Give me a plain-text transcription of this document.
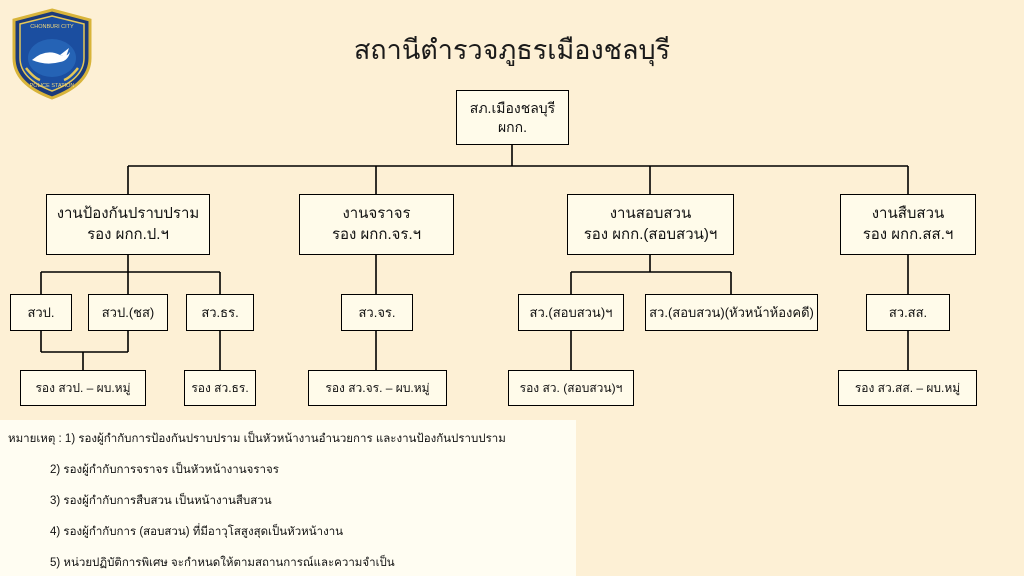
CHONBURI CITY
POLICE STATION
สถานีตำรวจภูธรเมืองชลบุรี
สภ.เมืองชลบุรี
ผกก.
งานป้องกันปราบปราม
รอง ผกก.ป.ฯ
สวป.	สวป.(ชส)	สว.ธร.
รอง สวป. – ผบ.หมู่	รอง สว.ธร.
งานจราจร
รอง ผกก.จร.ฯ
สว.จร.
รอง สว.จร. – ผบ.หมู่
งานสอบสวน
รอง ผกก.(สอบสวน)ฯ
สว.(สอบสวน)ฯ	สว.(สอบสวน)(หัวหน้าห้องคดี)
รอง สว. (สอบสวน)ฯ
งานสืบสวน
รอง ผกก.สส.ฯ
สว.สส.
รอง สว.สส. – ผบ.หมู่
หมายเหตุ : 1) รองผู้กำกับการป้องกันปราบปราม เป็นหัวหน้างานอำนวยการ และงานป้องกันปราบปราม
2) รองผู้กำกับการจราจร เป็นหัวหน้างานจราจร
3) รองผู้กำกับการสืบสวน เป็นหน้างานสืบสวน
4) รองผู้กำกับการ (สอบสวน) ที่มีอาวุโสสูงสุดเป็นหัวหน้างาน
5) หน่วยปฏิบัติการพิเศษ จะกำหนดให้ตามสถานการณ์และความจำเป็น
